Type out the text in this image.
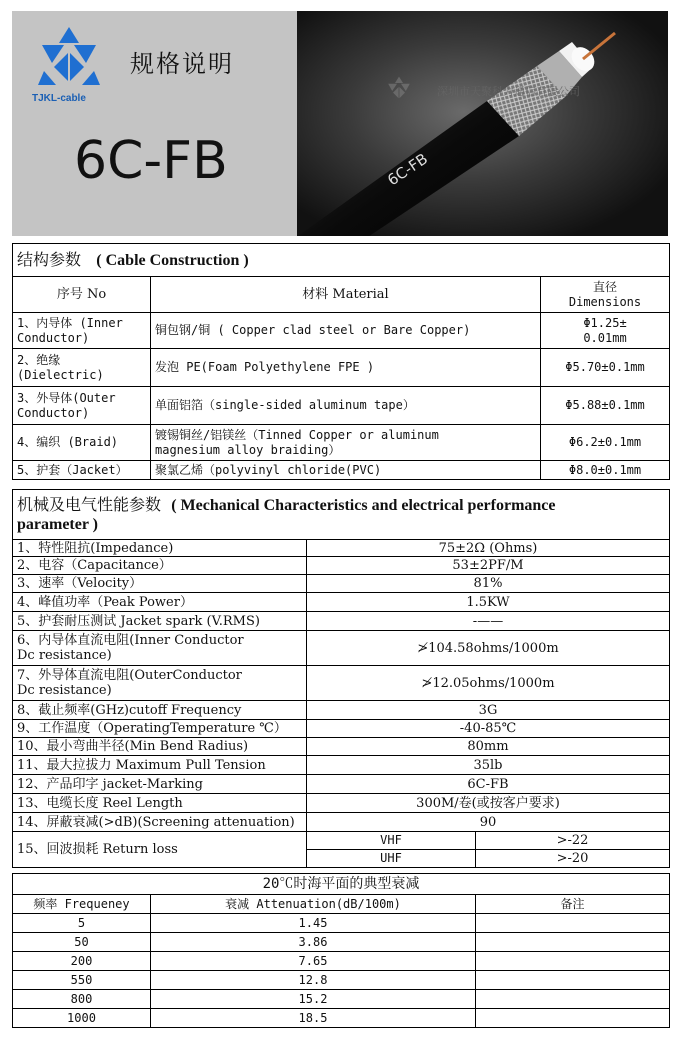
TJKL-cable
规格说明
6C-FB	6C-FB
深圳市天聚科力通信有限公司
结构参数 ( Cable Construction )		
序号 No	材料 Material	直径
Dimensions
1、内导体 (Inner
Conductor)	铜包钢/铜 ( Copper clad steel or Bare Copper)	Φ1.25±
0.01mm
2、绝缘
(Dielectric)	发泡 PE(Foam Polyethylene FPE )	Φ5.70±0.1mm
3、外导体(Outer
Conductor)	单面铝箔（single-sided aluminum tape）	Φ5.88±0.1mm
4、编织 (Braid)	镀锡铜丝/铝镁丝（Tinned Copper or aluminum
magnesium alloy braiding）	Φ6.2±0.1mm
5、护套（Jacket）	聚氯乙烯（polyvinyl chloride(PVC)	Φ8.0±0.1mm
机械及电气性能参数 ( Mechanical Characteristics and electrical performance
parameter )		
1、特性阻抗(Impedance)	75±2Ω (Ohms)	
2、电容（Capacitance）	53±2PF/M	
3、速率（Velocity）	81%	
4、峰值功率（Peak Power）	1.5KW	
5、护套耐压测试 Jacket spark (V.RMS)	-——	
6、内导体直流电阻(Inner Conductor
Dc resistance)	≯104.58ohms/1000m	
7、外导体直流电阻(OuterConductor
Dc resistance)	≯12.05ohms/1000m	
8、截止频率(GHz)cutoff Frequency	3G	
9、工作温度（OperatingTemperature ℃）	-40-85℃	
10、最小弯曲半径(Min Bend Radius)	80mm	
11、最大拉拔力 Maximum Pull Tension	35lb	
12、产品印字 jacket-Marking	6C-FB	
13、电缆长度 Reel Length	300M/卷(或按客户要求)	
14、屏蔽衰减(>dB)(Screening attenuation)	90	
15、回波损耗 Return loss	VHF	>-22
	UHF	>-20
20℃时海平面的典型衰减		
频率 Frequeney	衰减 Attenuation(dB/100m)	备注
5	1.45	
50	3.86	
200	7.65	
550	12.8	
800	15.2	
1000	18.5	
